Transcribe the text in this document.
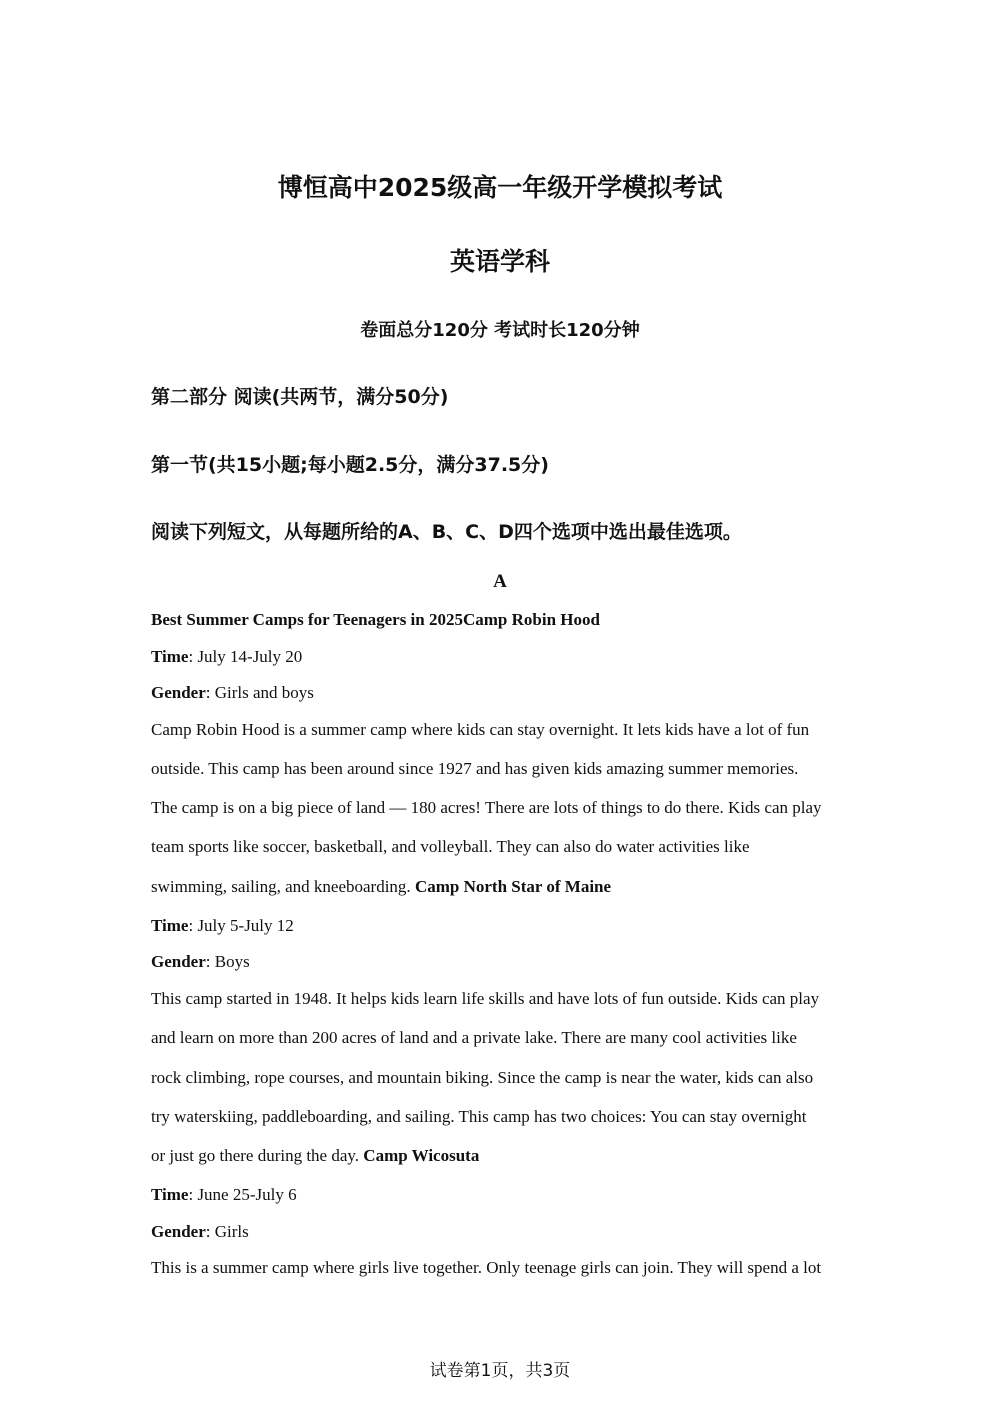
博恒高中2025级高一年级开学模拟考试
英语学科
卷面总分120分 考试时长120分钟
第二部分 阅读(共两节，满分50分)
第一节(共15小题;每小题2.5分，满分37.5分)
阅读下列短文，从每题所给的A、B、C、D四个选项中选出最佳选项。
A
Best Summer Camps for Teenagers in 2025Camp Robin Hood
Time: July 14-July 20
Gender: Girls and boys
Camp Robin Hood is a summer camp where kids can stay overnight. It lets kids have a lot of fun
outside. This camp has been around since 1927 and has given kids amazing summer memories.
The camp is on a big piece of land — 180 acres! There are lots of things to do there. Kids can play
team sports like soccer, basketball, and volleyball. They can also do water activities like
swimming, sailing, and kneeboarding. Camp North Star of Maine
Time: July 5-July 12
Gender: Boys
This camp started in 1948. It helps kids learn life skills and have lots of fun outside. Kids can play
and learn on more than 200 acres of land and a private lake. There are many cool activities like
rock climbing, rope courses, and mountain biking. Since the camp is near the water, kids can also
try waterskiing, paddleboarding, and sailing. This camp has two choices: You can stay overnight
or just go there during the day. Camp Wicosuta
Time: June 25-July 6
Gender: Girls
This is a summer camp where girls live together. Only teenage girls can join. They will spend a lot
试卷第1页，共3页
